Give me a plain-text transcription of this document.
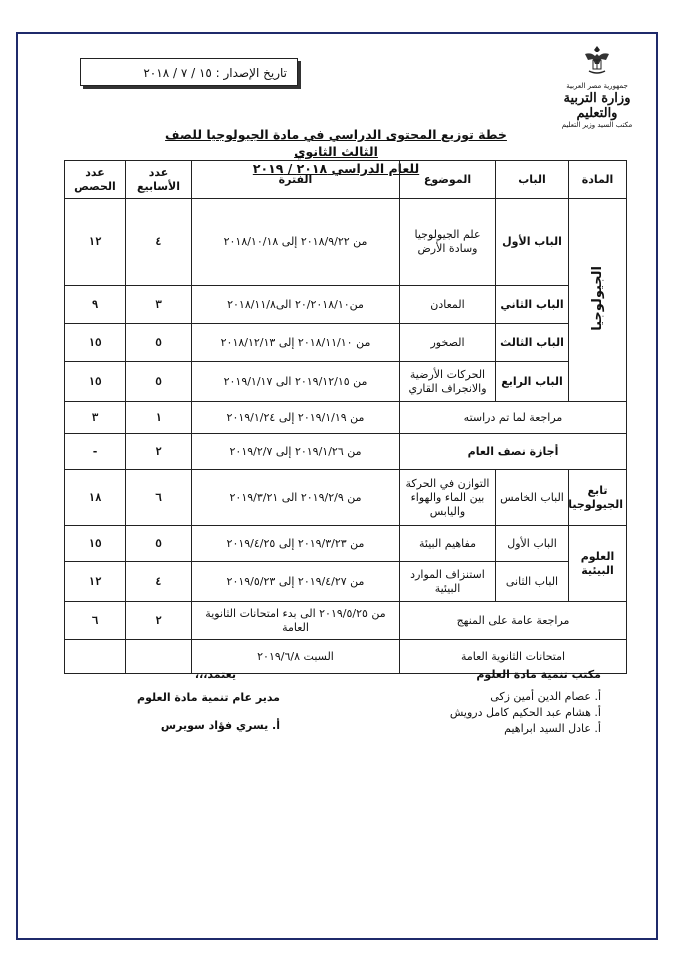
تاريخ الإصدار : ١٥ / ٧ / ٢٠١٨
جمهورية مصر العربية
وزارة التربية والتعليم
مكتب السيد وزير التعليم
خطة توزيع المحتوى الدراسي في مادة الجيولوجيا للصف الثالث الثانوي
للعام الدراسي ٢٠١٨ / ٢٠١٩
المادة	الباب	الموضوع	الفترة	عدد الأسابيع	عدد الحصص
الجيولوجيا	الباب الأول	علم الجيولوجيا وسادة الأرض	من ٢٠١٨/٩/٢٢ إلى ٢٠١٨/١٠/١٨	٤	١٢
	الباب الثاني	المعادن	من٢٠/٢٠١٨/١٠ الى٢٠١٨/١١/٨	٣	٩
	الباب الثالث	الصخور	من ٢٠١٨/١١/١٠ إلى ٢٠١٨/١٢/١٣	٥	١٥
	الباب الرابع	الحركات الأرضية والانجراف القاري	من ٢٠١٩/١٢/١٥ الى ٢٠١٩/١/١٧	٥	١٥
مراجعة لما تم دراسته			من ٢٠١٩/١/١٩ إلى ٢٠١٩/١/٢٤	١	٣
أجازة نصف العام			من ٢٠١٩/١/٢٦ إلى ٢٠١٩/٢/٧	٢	-
تابع الجيولوجيا	الباب الخامس	التوازن في الحركة بين الماء والهواء واليابس	من ٢٠١٩/٢/٩ الى ٢٠١٩/٣/٢١	٦	١٨
العلوم البيئية	الباب الأول	مفاهيم البيئة	من ٢٠١٩/٣/٢٣ إلى ٢٠١٩/٤/٢٥	٥	١٥
	الباب الثانى	استنزاف الموارد البيئية	من ٢٠١٩/٤/٢٧ إلى ٢٠١٩/٥/٢٣	٤	١٢
مراجعة عامة على المنهج			من ٢٠١٩/٥/٢٥ الى بدء امتحانات الثانوية العامة	٢	٦
امتحانات الثانوية العامة			السبت ٢٠١٩/٦/٨		
مكتب تنمية مادة العلوم
أ. عصام الدين أمين زكى
أ. هشام عبد الحكيم كامل درويش
أ. عادل السيد ابراهيم
يعتمد،،،
مدير عام تنمية مادة العلوم
أ. يسري فؤاد سويرس
